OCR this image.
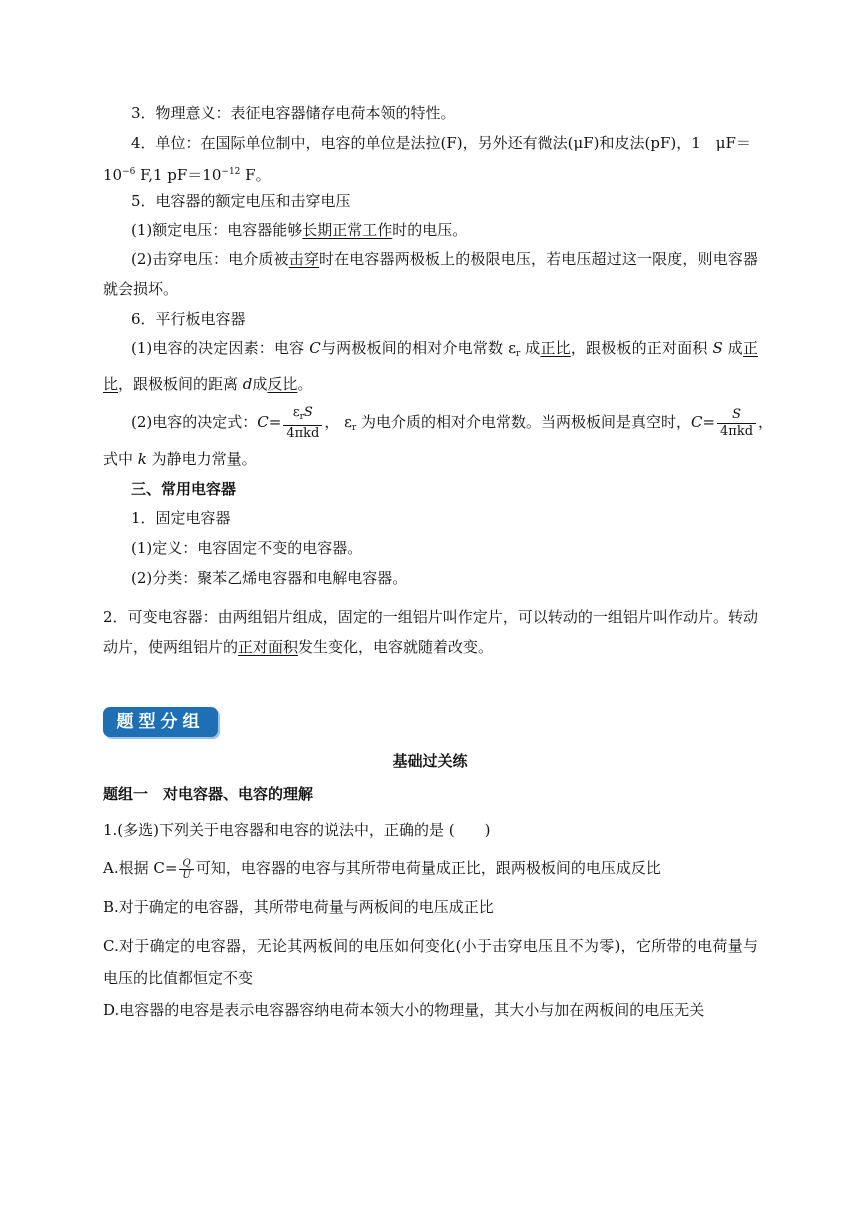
3．物理意义：表征电容器储存电荷本领的特性。
4．单位：在国际单位制中，电容的单位是法拉(F)，另外还有微法(μF)和皮法(pF)，1　μF＝
$10^{-6}$ F,1 $pF=10^{-12}$ F。
5．电容器的额定电压和击穿电压
(1)额定电压：电容器能够长期正常工作时的电压。
(2)击穿电压：电介质被击穿时在电容器两极板上的极限电压，若电压超过这一限度，则电容器就会损坏。
6．平行板电容器
(1)电容的决定因素：电容 C与两极板间的相对介电常数 $\varepsilon_r$ 成正比，跟极板的正对面积 S 成正比，跟极板间的距离 d成反比。
(2)电容的决定式：$C= \frac{\varepsilon_rS}{\text{4πkd}}$ ， $\varepsilon_r$ 为电介质的相对介电常数。当两极板间是真空时，$C= \frac{S}{\text{4πkd}}$ ，
式中 k 为静电力常量。
三、常用电容器
1．固定电容器
(1)定义：电容固定不变的电容器。
(2)分类：聚苯乙烯电容器和电解电容器。
2．可变电容器：由两组铝片组成，固定的一组铝片叫作定片，可以转动的一组铝片叫作动片。转动动片，使两组铝片的正对面积发生变化，电容就随着改变。
题型分组
基础过关练
题组一　对电容器、电容的理解
1.(多选)下列关于电容器和电容的说法中，正确的是 (　　)
A.根据 $C= \frac{Q}{U}$ 可知，电容器的电容与其所带电荷量成正比，跟两极板间的电压成反比
B.对于确定的电容器，其所带电荷量与两板间的电压成正比
C.对于确定的电容器，无论其两板间的电压如何变化(小于击穿电压且不为零)，它所带的电荷量与电压的比值都恒定不变
D.电容器的电容是表示电容器容纳电荷本领大小的物理量，其大小与加在两板间的电压无关
